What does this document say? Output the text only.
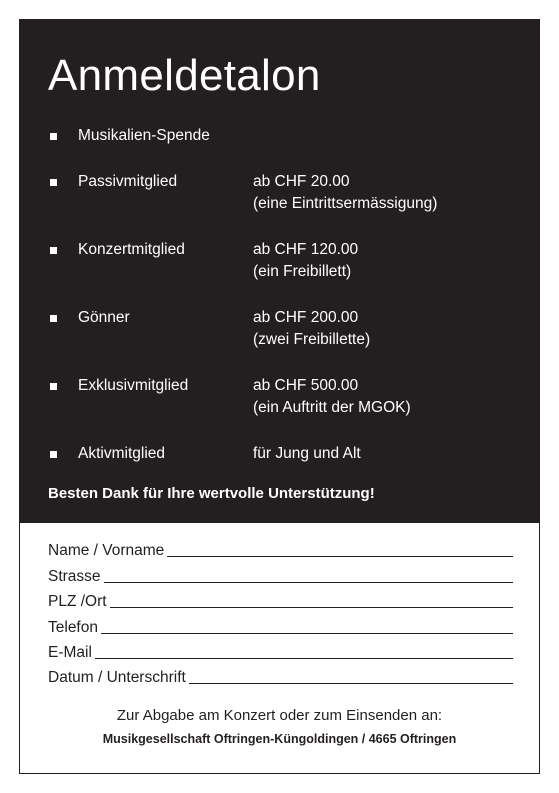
Anmeldetalon
Musikalien-Spende
Passivmitglied	ab CHF 20.00
(eine Eintrittsermässigung)
Konzertmitglied	ab CHF 120.00
(ein Freibillett)
Gönner	ab CHF 200.00
(zwei Freibillette)
Exklusivmitglied	ab CHF 500.00
(ein Auftritt der MGOK)
Aktivmitglied	für Jung und Alt
Besten Dank für Ihre wertvolle Unterstützung!
Name / Vorname
Strasse
PLZ /Ort
Telefon
E-Mail
Datum / Unterschrift
Zur Abgabe am Konzert oder zum Einsenden an:
Musikgesellschaft Oftringen-Küngoldingen / 4665 Oftringen
